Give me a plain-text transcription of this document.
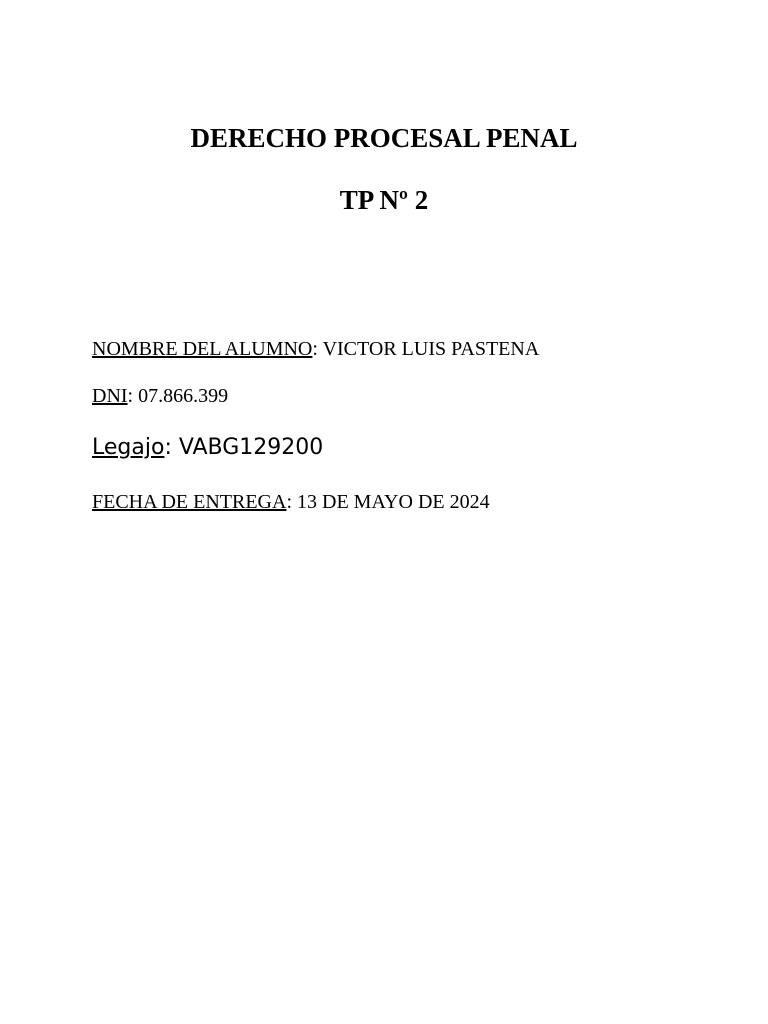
DERECHO PROCESAL PENAL
TP Nº 2

NOMBRE DEL ALUMNO: VICTOR LUIS PASTENA

DNI: 07.866.399

Legajo: VABG129200

FECHA DE ENTREGA: 13 DE MAYO DE 2024
